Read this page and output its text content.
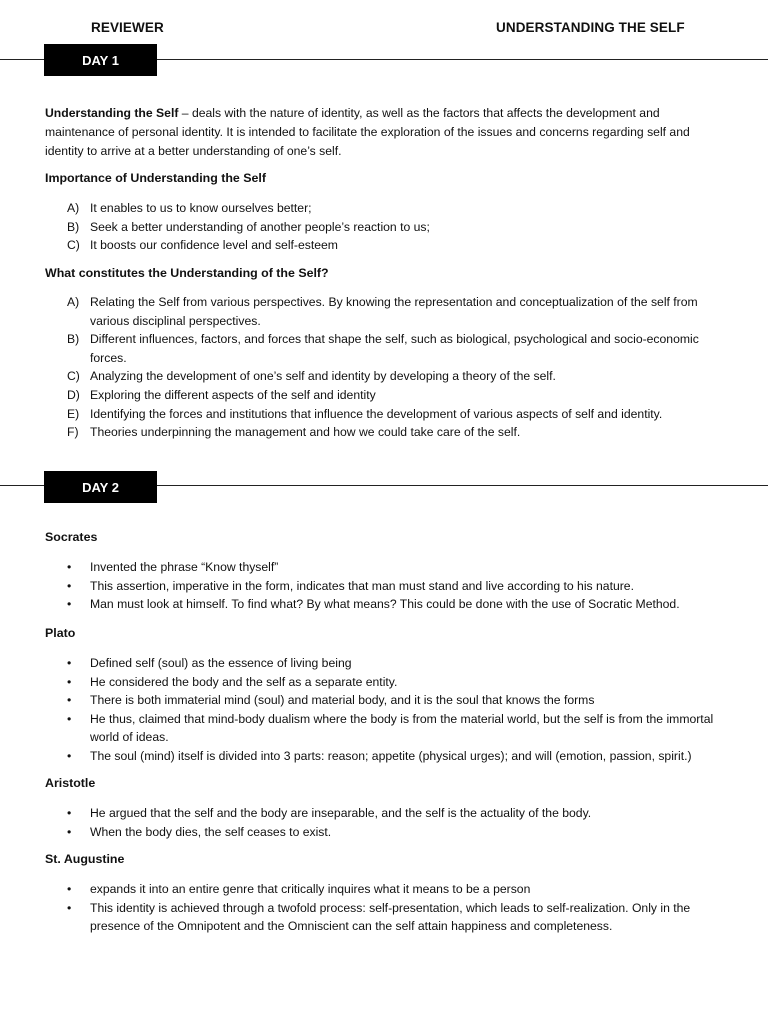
REVIEWER	UNDERSTANDING THE SELF
DAY 1

Understanding the Self – deals with the nature of identity, as well as the factors that affects the development and maintenance of personal identity. It is intended to facilitate the exploration of the issues and concerns regarding self and identity to arrive at a better understanding of one’s self.

Importance of Understanding the Self
A) It enables to us to know ourselves better;
B) Seek a better understanding of another people’s reaction to us;
C) It boosts our confidence level and self-esteem
What constitutes the Understanding of the Self?
A) Relating the Self from various perspectives. By knowing the representation and conceptualization of the self from various disciplinal perspectives.
B) Different influences, factors, and forces that shape the self, such as biological, psychological and socio-economic forces.
C) Analyzing the development of one’s self and identity by developing a theory of the self.
D) Exploring the different aspects of the self and identity
E) Identifying the forces and institutions that influence the development of various aspects of self and identity.
F) Theories underpinning the management and how we could take care of the self.
DAY 2
Socrates
• Invented the phrase “Know thyself”
• This assertion, imperative in the form, indicates that man must stand and live according to his nature.
• Man must look at himself. To find what? By what means? This could be done with the use of Socratic Method.
Plato
• Defined self (soul) as the essence of living being
• He considered the body and the self as a separate entity.
• There is both immaterial mind (soul) and material body, and it is the soul that knows the forms
• He thus, claimed that mind-body dualism where the body is from the material world, but the self is from the immortal world of ideas.
• The soul (mind) itself is divided into 3 parts: reason; appetite (physical urges); and will (emotion, passion, spirit.)
Aristotle
• He argued that the self and the body are inseparable, and the self is the actuality of the body.
• When the body dies, the self ceases to exist.
St. Augustine
• expands it into an entire genre that critically inquires what it means to be a person
• This identity is achieved through a twofold process: self-presentation, which leads to self-realization. Only in the presence of the Omnipotent and the Omniscient can the self attain happiness and completeness.
